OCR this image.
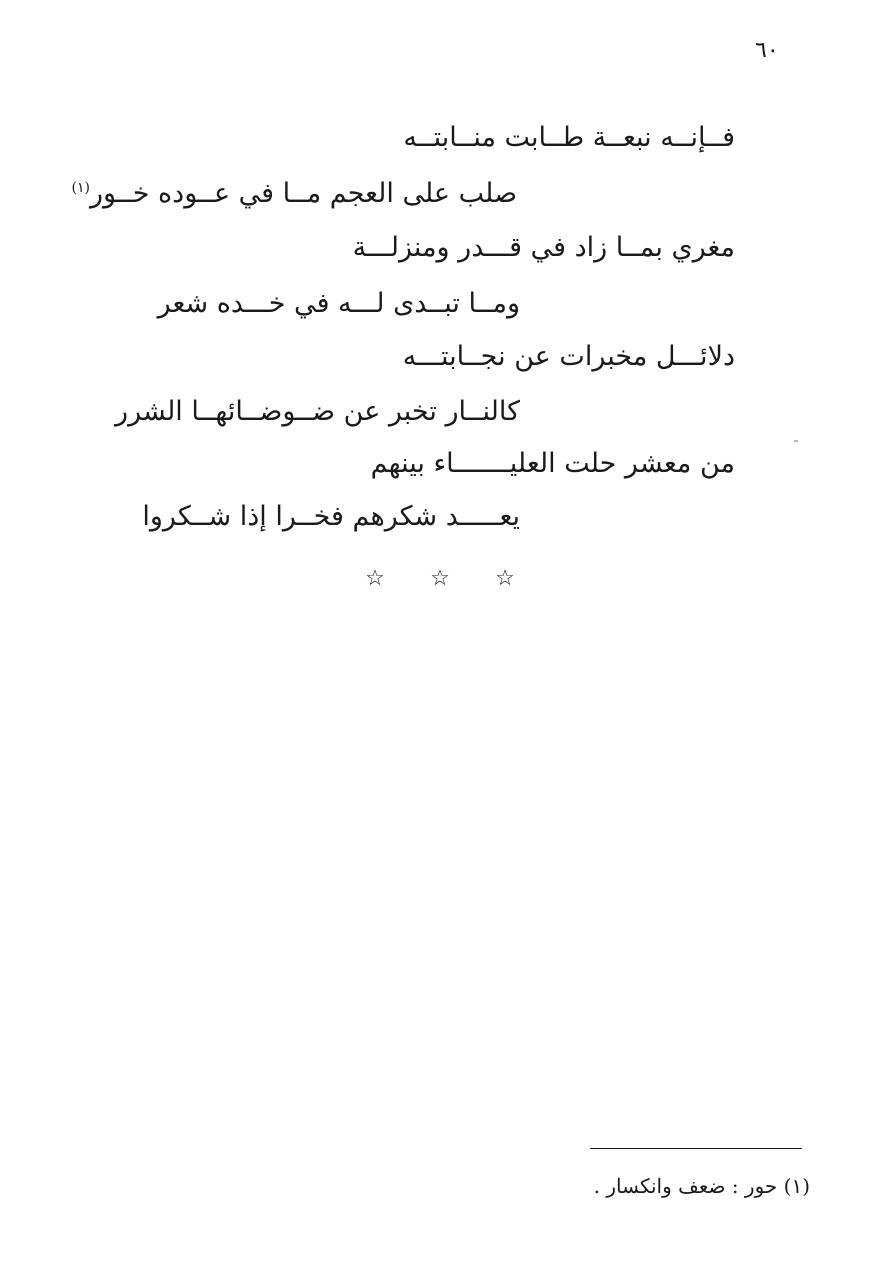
٦٠
فــإنــه نبعــة طــابت منــابتــه
صلب على العجم مــا في عــوده خــور$^{(١)}$
مغري بمــا زاد في قـــدر ومنزلـــة
ومــا تبــدى لـــه في خـــده شعر
دلائـــل مخبرات عن نجــابتـــه
كالنــار تخبر عن ضــوضــائهــا الشرر
من معشر حلت العليـــــــاء بينهم
يعـــــد شكرهم فخــرا إذا شــكروا
☆ ☆ ☆
(١) حور : ضعف وانكسار .
